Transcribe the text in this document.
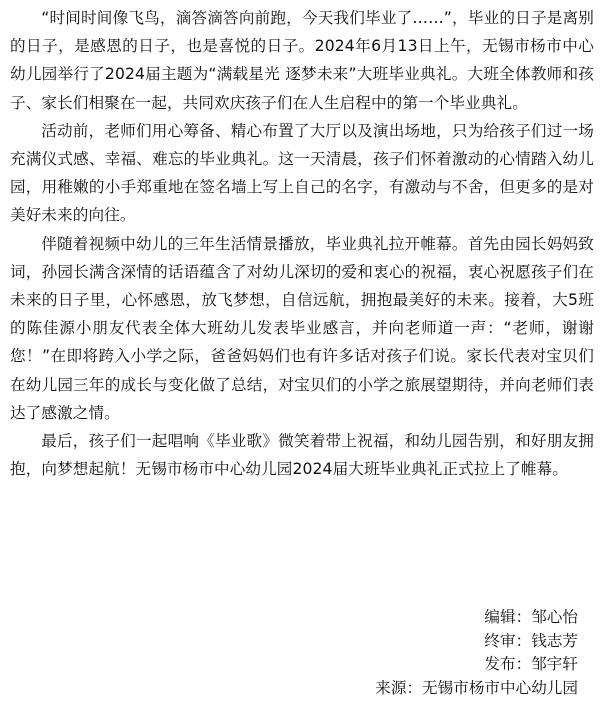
“时间时间像飞鸟，滴答滴答向前跑，今天我们毕业了……”，毕业的日子是离别的日子，是感恩的日子，也是喜悦的日子。2024年6月13日上午，无锡市杨市中心幼儿园举行了2024届主题为“满载星光 逐梦未来”大班毕业典礼。大班全体教师和孩子、家长们相聚在一起，共同欢庆孩子们在人生启程中的第一个毕业典礼。

活动前，老师们用心筹备、精心布置了大厅以及演出场地，只为给孩子们过一场充满仪式感、幸福、难忘的毕业典礼。这一天清晨，孩子们怀着激动的心情踏入幼儿园，用稚嫩的小手郑重地在签名墙上写上自己的名字，有激动与不舍，但更多的是对美好未来的向往。

伴随着视频中幼儿的三年生活情景播放，毕业典礼拉开帷幕。首先由园长妈妈致词，孙园长满含深情的话语蕴含了对幼儿深切的爱和衷心的祝福，衷心祝愿孩子们在未来的日子里，心怀感恩，放飞梦想，自信远航，拥抱最美好的未来。接着，大5班的陈佳源小朋友代表全体大班幼儿发表毕业感言，并向老师道一声：“老师，谢谢您！”在即将跨入小学之际，爸爸妈妈们也有许多话对孩子们说。家长代表对宝贝们在幼儿园三年的成长与变化做了总结，对宝贝们的小学之旅展望期待，并向老师们表达了感激之情。

最后，孩子们一起唱响《毕业歌》微笑着带上祝福，和幼儿园告别，和好朋友拥抱，向梦想起航！无锡市杨市中心幼儿园2024届大班毕业典礼正式拉上了帷幕。

编辑：邹心怡
终审：钱志芳
发布：邹宇轩
来源：无锡市杨市中心幼儿园
